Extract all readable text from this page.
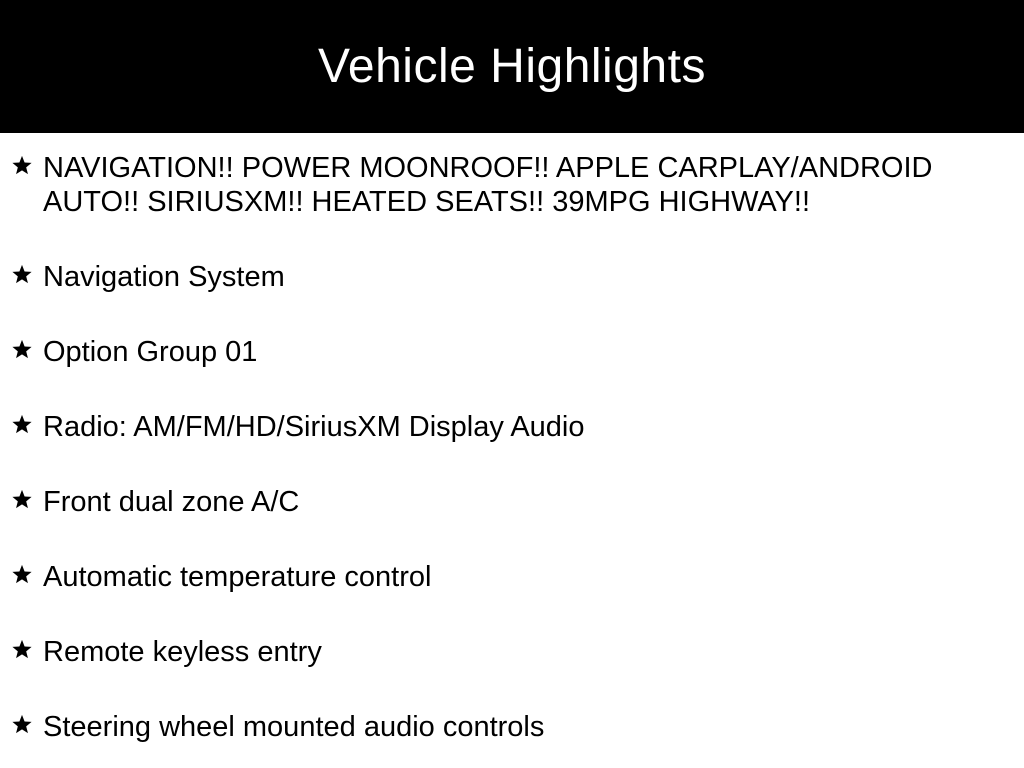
Vehicle Highlights
NAVIGATION!! POWER MOONROOF!! APPLE CARPLAY/ANDROID AUTO!! SIRIUSXM!! HEATED SEATS!! 39MPG HIGHWAY!!
Navigation System
Option Group 01
Radio: AM/FM/HD/SiriusXM Display Audio
Front dual zone A/C
Automatic temperature control
Remote keyless entry
Steering wheel mounted audio controls
